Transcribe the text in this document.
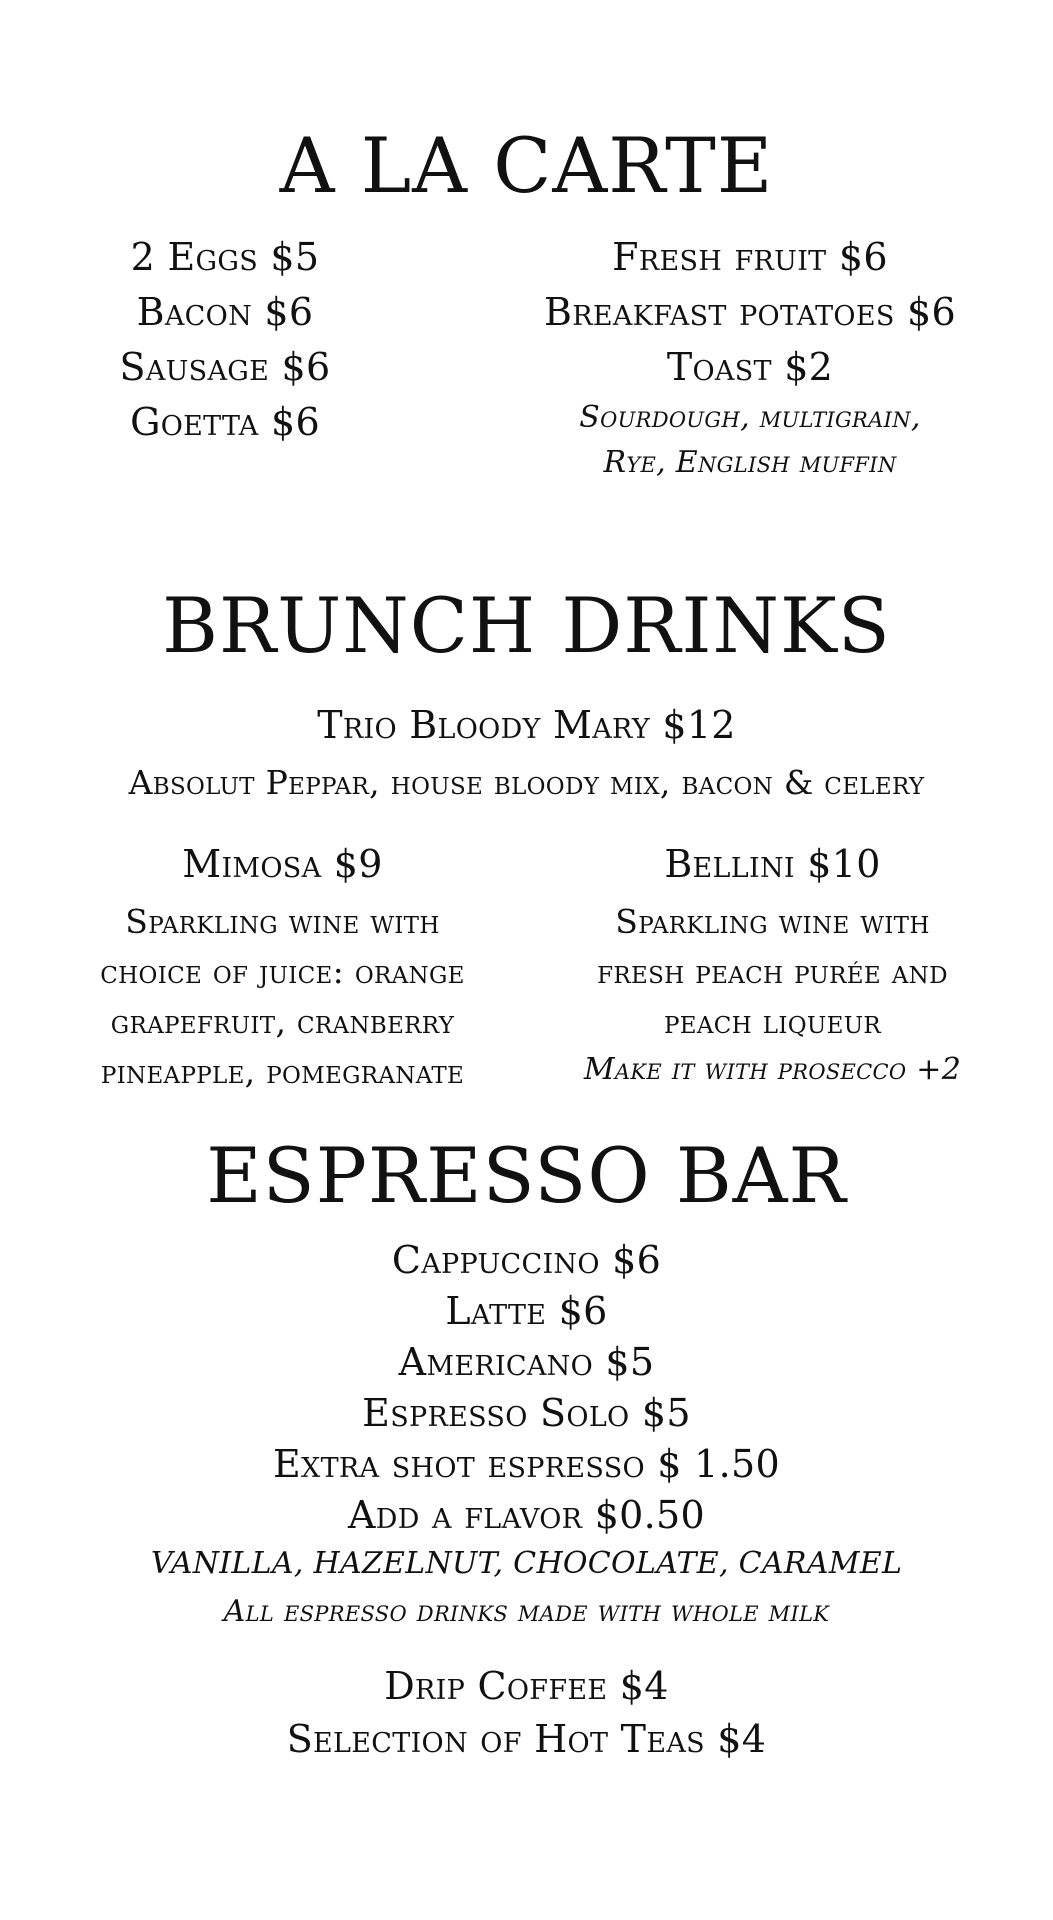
A LA CARTE
2 Eggs $5
Bacon $6
Sausage $6
Goetta $6
Fresh fruit $6
Breakfast potatoes $6
Toast $2
Sourdough, multigrain,
Rye, English muffin
BRUNCH DRINKS
Trio Bloody Mary $12
Absolut Peppar, house bloody mix, bacon & celery
Mimosa $9
Sparkling wine with
choice of juice: orange
grapefruit, cranberry
pineapple, pomegranate
Bellini $10
Sparkling wine with
fresh peach purée and
peach liqueur
Make it with prosecco +2
ESPRESSO BAR
Cappuccino $6
Latte $6
Americano $5
Espresso Solo $5
Extra shot espresso $ 1.50
Add a flavor $0.50
VANILLA, HAZELNUT, CHOCOLATE, CARAMEL
All espresso drinks made with whole milk
Drip Coffee $4
Selection of Hot Teas $4
